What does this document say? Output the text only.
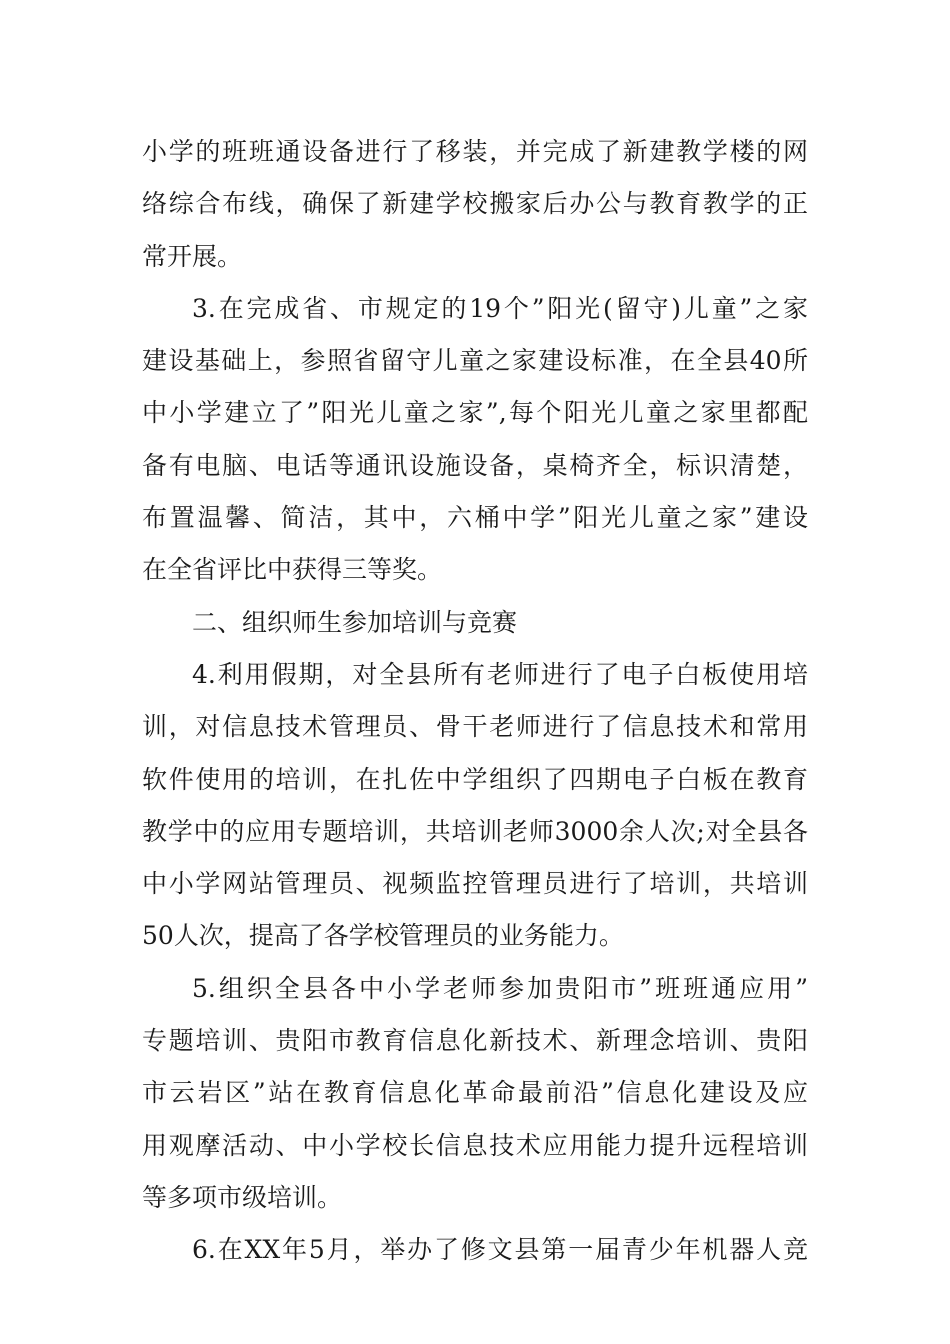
小学的班班通设备进行了移装，并完成了新建教学楼的网
络综合布线，确保了新建学校搬家后办公与教育教学的正
常开展。
3.在完成省、市规定的19个”阳光(留守)儿童”之家
建设基础上，参照省留守儿童之家建设标准，在全县40所
中小学建立了”阳光儿童之家”,每个阳光儿童之家里都配
备有电脑、电话等通讯设施设备，桌椅齐全，标识清楚，
布置温馨、简洁，其中，六桶中学”阳光儿童之家”建设
在全省评比中获得三等奖。
二、组织师生参加培训与竞赛
4.利用假期，对全县所有老师进行了电子白板使用培
训，对信息技术管理员、骨干老师进行了信息技术和常用
软件使用的培训，在扎佐中学组织了四期电子白板在教育
教学中的应用专题培训，共培训老师3000余人次;对全县各
中小学网站管理员、视频监控管理员进行了培训，共培训
50人次，提高了各学校管理员的业务能力。
5.组织全县各中小学老师参加贵阳市”班班通应用”
专题培训、贵阳市教育信息化新技术、新理念培训、贵阳
市云岩区”站在教育信息化革命最前沿”信息化建设及应
用观摩活动、中小学校长信息技术应用能力提升远程培训
等多项市级培训。
6.在XX年5月，举办了修文县第一届青少年机器人竞
